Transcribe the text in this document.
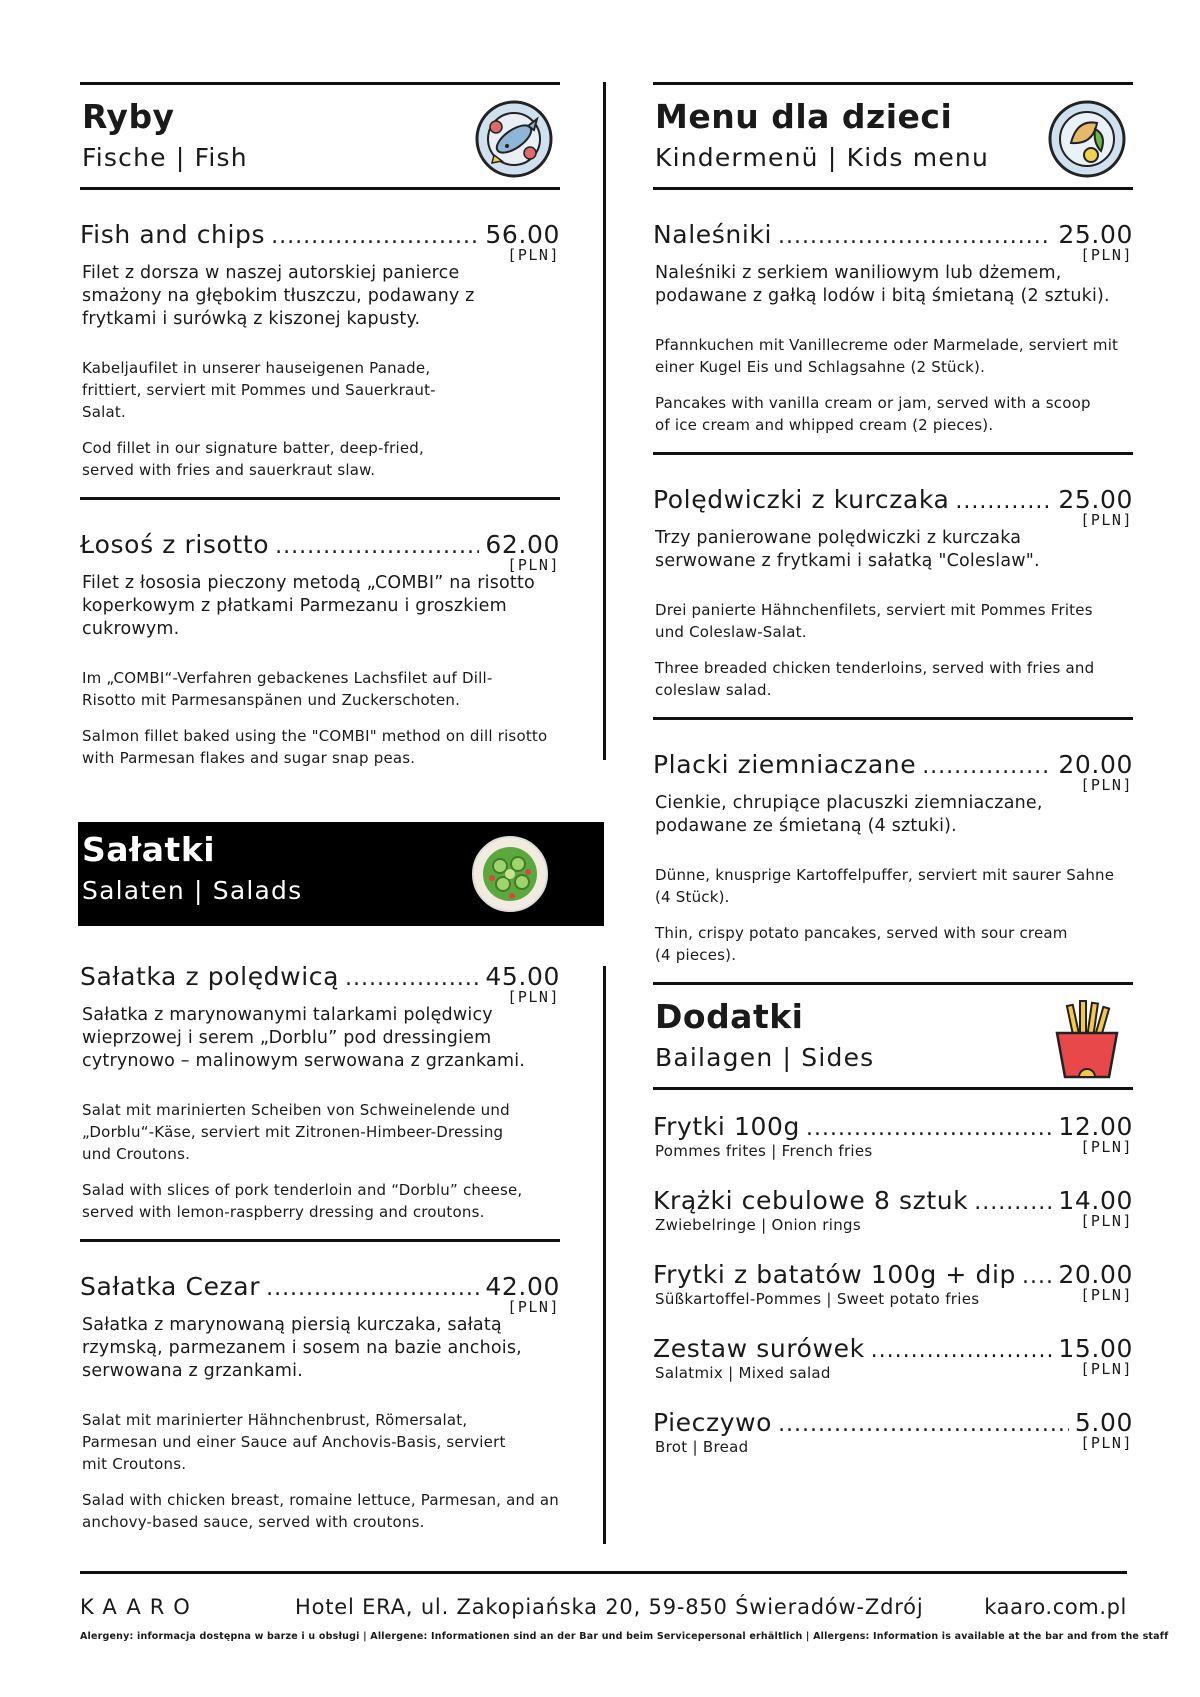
Ryby
Fische | Fish
Fish and chips .....	56.00
[PLN]
Filet z dorsza w naszej autorskiej panierce smażony na głębokim tłuszczu, podawany z frytkami i surówką z kiszonej kapusty.
Kabeljaufilet in unserer hauseigenen Panade, frittiert, serviert mit Pommes und Sauerkraut-Salat.
Cod fillet in our signature batter, deep-fried, served with fries and sauerkraut slaw.
Łosoś z risotto .....	62.00
[PLN]
Filet z łososia pieczony metodą „COMBI” na risotto koperkowym z płatkami Parmezanu i groszkiem cukrowym.
Im „COMBI“-Verfahren gebackenes Lachsfilet auf Dill-Risotto mit Parmesanspänen und Zuckerschoten.
Salmon fillet baked using the "COMBI" method on dill risotto with Parmesan flakes and sugar snap peas.
Sałatki
Salaten | Salads
Sałatka z polędwicą .....	45.00
[PLN]
Sałatka z marynowanymi talarkami polędwicy wieprzowej i serem „Dorblu” pod dressingiem cytrynowo – malinowym serwowana z grzankami.
Salat mit marinierten Scheiben von Schweinelende und „Dorblu“-Käse, serviert mit Zitronen-Himbeer-Dressing und Croutons.
Salad with slices of pork tenderloin and “Dorblu” cheese, served with lemon-raspberry dressing and croutons.
Sałatka Cezar .....	42.00
[PLN]
Sałatka z marynowaną piersią kurczaka, sałatą rzymską, parmezanem i sosem na bazie anchois, serwowana z grzankami.
Salat mit marinierter Hähnchenbrust, Römersalat, Parmesan und einer Sauce auf Anchovis-Basis, serviert mit Croutons.
Salad with chicken breast, romaine lettuce, Parmesan, and an anchovy-based sauce, served with croutons.
Menu dla dzieci
Kindermenü | Kids menu
Naleśniki .....	25.00
[PLN]
Naleśniki z serkiem waniliowym lub dżemem, podawane z gałką lodów i bitą śmietaną (2 sztuki).
Pfannkuchen mit Vanillecreme oder Marmelade, serviert mit einer Kugel Eis und Schlagsahne (2 Stück).
Pancakes with vanilla cream or jam, served with a scoop of ice cream and whipped cream (2 pieces).
Polędwiczki z kurczaka .....	25.00
[PLN]
Trzy panierowane polędwiczki z kurczaka serwowane z frytkami i sałatką "Coleslaw".
Drei panierte Hähnchenfilets, serviert mit Pommes Frites und Coleslaw-Salat.
Three breaded chicken tenderloins, served with fries and coleslaw salad.
Placki ziemniaczane .....	20.00
[PLN]
Cienkie, chrupiące placuszki ziemniaczane, podawane ze śmietaną (4 sztuki).
Dünne, knusprige Kartoffelpuffer, serviert mit saurer Sahne (4 Stück).
Thin, crispy potato pancakes, served with sour cream (4 pieces).
Dodatki
Bailagen | Sides
Frytki 100g .....	12.00
[PLN]
Pommes frites | French fries
Krążki cebulowe 8 sztuk .....	14.00
[PLN]
Zwiebelringe | Onion rings
Frytki z batatów 100g + dip ..... 20.00
[PLN]
Süßkartoffel-Pommes | Sweet potato fries
Zestaw surówek .....	15.00
[PLN]
Salatmix | Mixed salad
Pieczywo .....	5.00
[PLN]
Brot | Bread
KAARO	Hotel ERA, ul. Zakopiańska 20, 59-850 Świeradów-Zdrój	kaaro.com.pl
Alergeny: informacja dostępna w barze i u obsługi | Allergene: Informationen sind an der Bar und beim Servicepersonal erhältlich | Allergens: Information is available at the bar and from the staff
